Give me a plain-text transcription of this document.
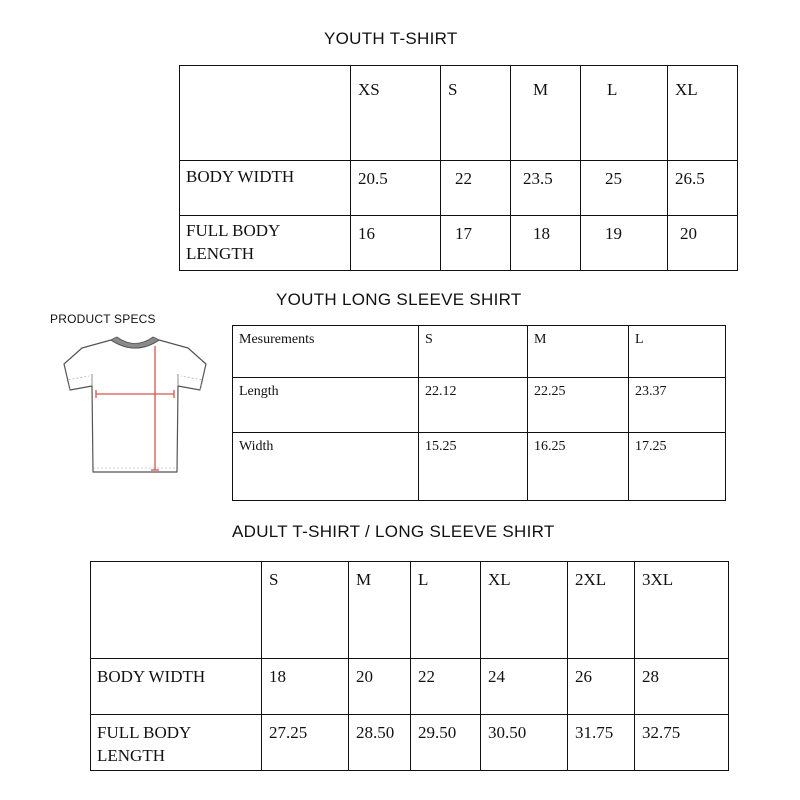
YOUTH T-SHIRT
	XS	S	M	L	XL
BODY WIDTH	20.5	22	23.5	25	26.5
FULL BODY LENGTH	16	17	18	19	20
YOUTH LONG SLEEVE SHIRT
PRODUCT SPECS
Mesurements	S	M	L
Length	22.12	22.25	23.37
Width	15.25	16.25	17.25
ADULT T-SHIRT / LONG SLEEVE SHIRT
	S	M	L	XL	2XL	3XL
BODY WIDTH	18	20	22	24	26	28
FULL BODY LENGTH	27.25	28.50	29.50	30.50	31.75	32.75
